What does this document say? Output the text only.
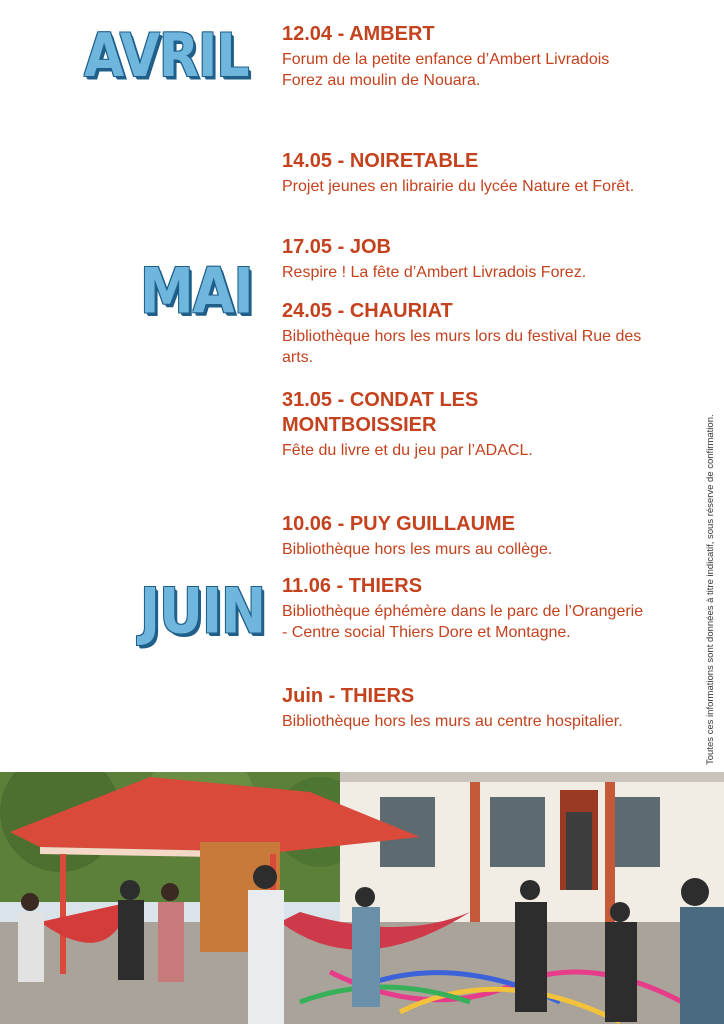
AVRIL
MAI
JUIN
12.04 - AMBERT
Forum de la petite enfance d’Ambert Livradois Forez au moulin de Nouara.
14.05 - NOIRETABLE
Projet jeunes en librairie du lycée Nature et Forêt.
17.05 - JOB
Respire ! La fête d’Ambert Livradois Forez.
24.05 - CHAURIAT
Bibliothèque hors les murs lors du festival Rue des arts.
31.05 - CONDAT LES MONTBOISSIER
Fête du livre et du jeu par l’ADACL.
10.06 - PUY GUILLAUME
Bibliothèque hors les murs au collège.
11.06 - THIERS
Bibliothèque éphémère dans le parc de l’Orangerie - Centre social Thiers Dore et Montagne.
Juin - THIERS
Bibliothèque hors les murs au centre hospitalier.	Toutes ces informations sont données à titre indicatif, sous réserve de confirmation.
